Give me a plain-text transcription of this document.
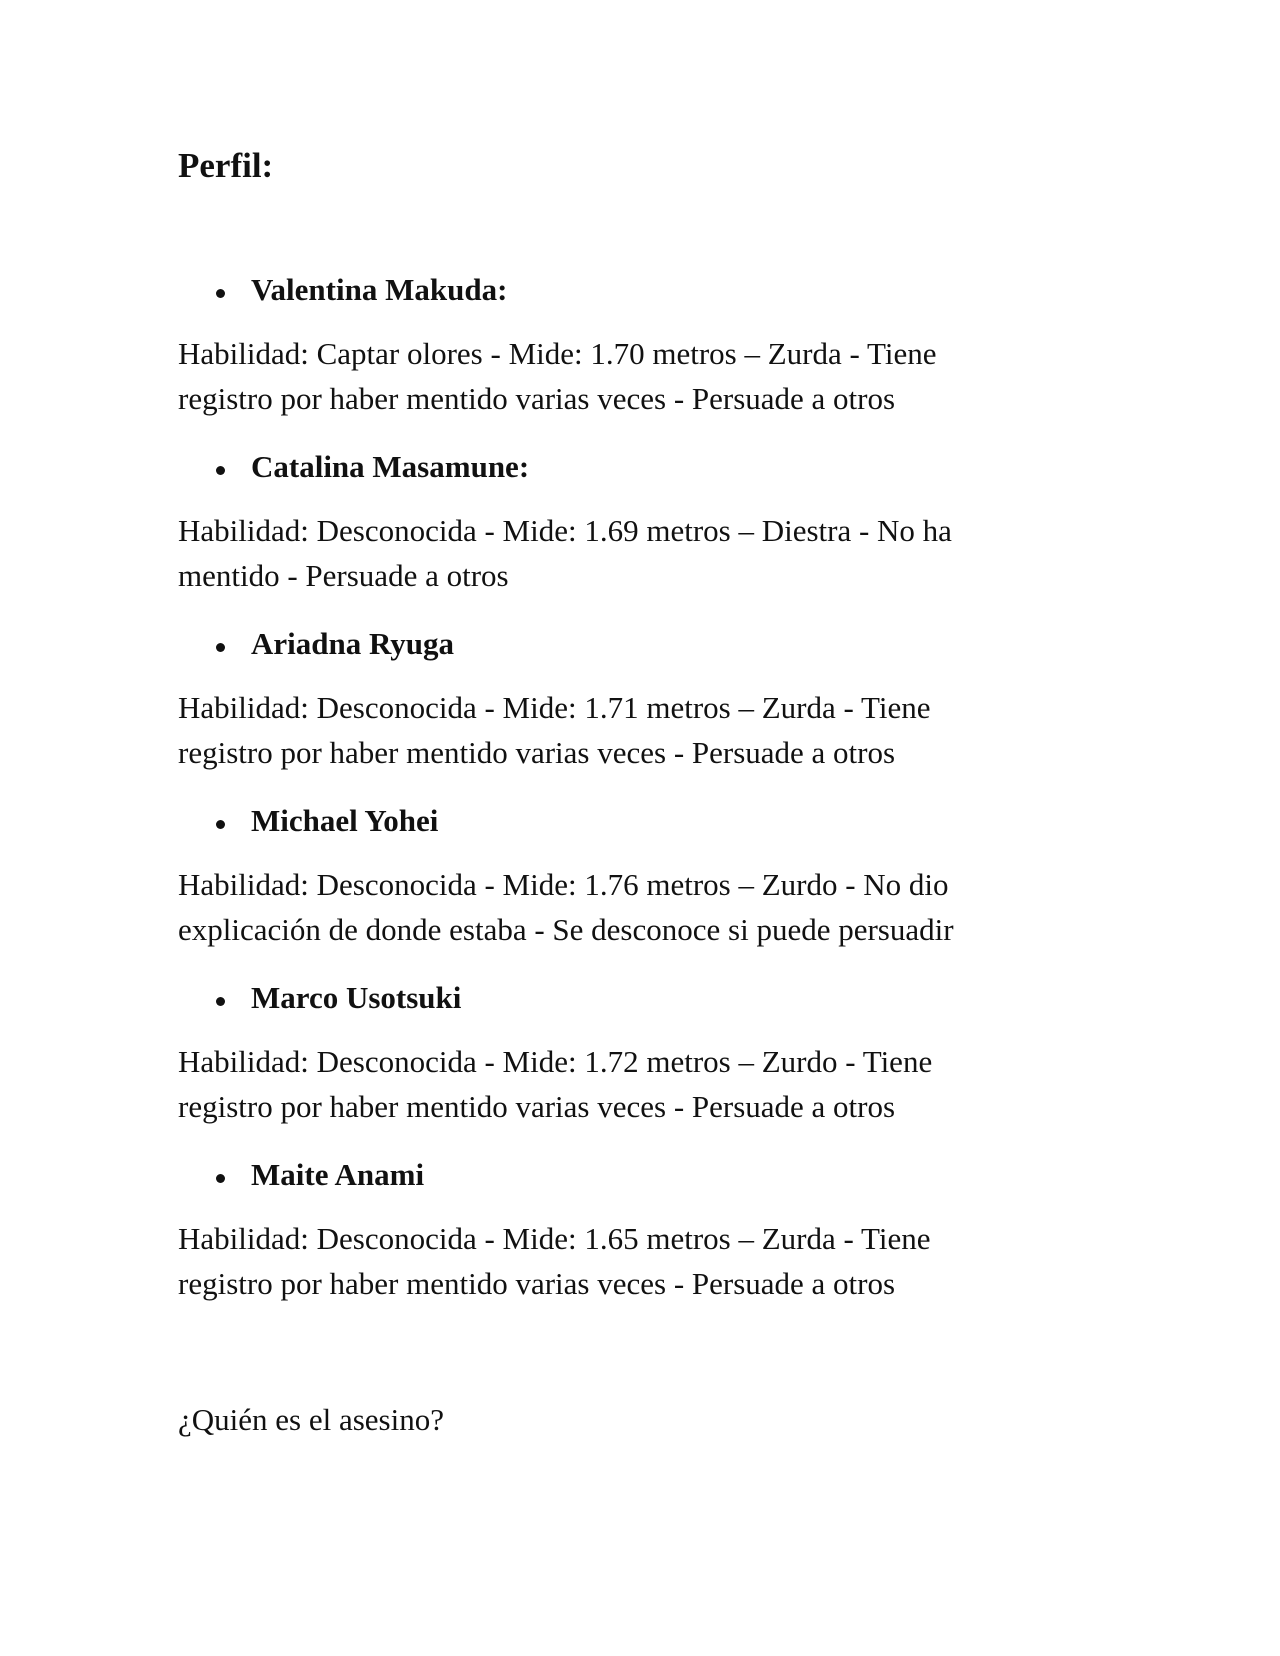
Perfil:
Valentina Makuda:

Habilidad: Captar olores - Mide: 1.70 metros – Zurda - Tiene
registro por haber mentido varias veces - Persuade a otros

Catalina Masamune:

Habilidad: Desconocida - Mide: 1.69 metros – Diestra - No ha
mentido - Persuade a otros

Ariadna Ryuga

Habilidad: Desconocida - Mide: 1.71 metros – Zurda - Tiene
registro por haber mentido varias veces - Persuade a otros

Michael Yohei

Habilidad: Desconocida - Mide: 1.76 metros – Zurdo - No dio
explicación de donde estaba - Se desconoce si puede persuadir

Marco Usotsuki

Habilidad: Desconocida - Mide: 1.72 metros – Zurdo - Tiene
registro por haber mentido varias veces - Persuade a otros

Maite Anami

Habilidad: Desconocida - Mide: 1.65 metros – Zurda - Tiene
registro por haber mentido varias veces - Persuade a otros

¿Quién es el asesino?
